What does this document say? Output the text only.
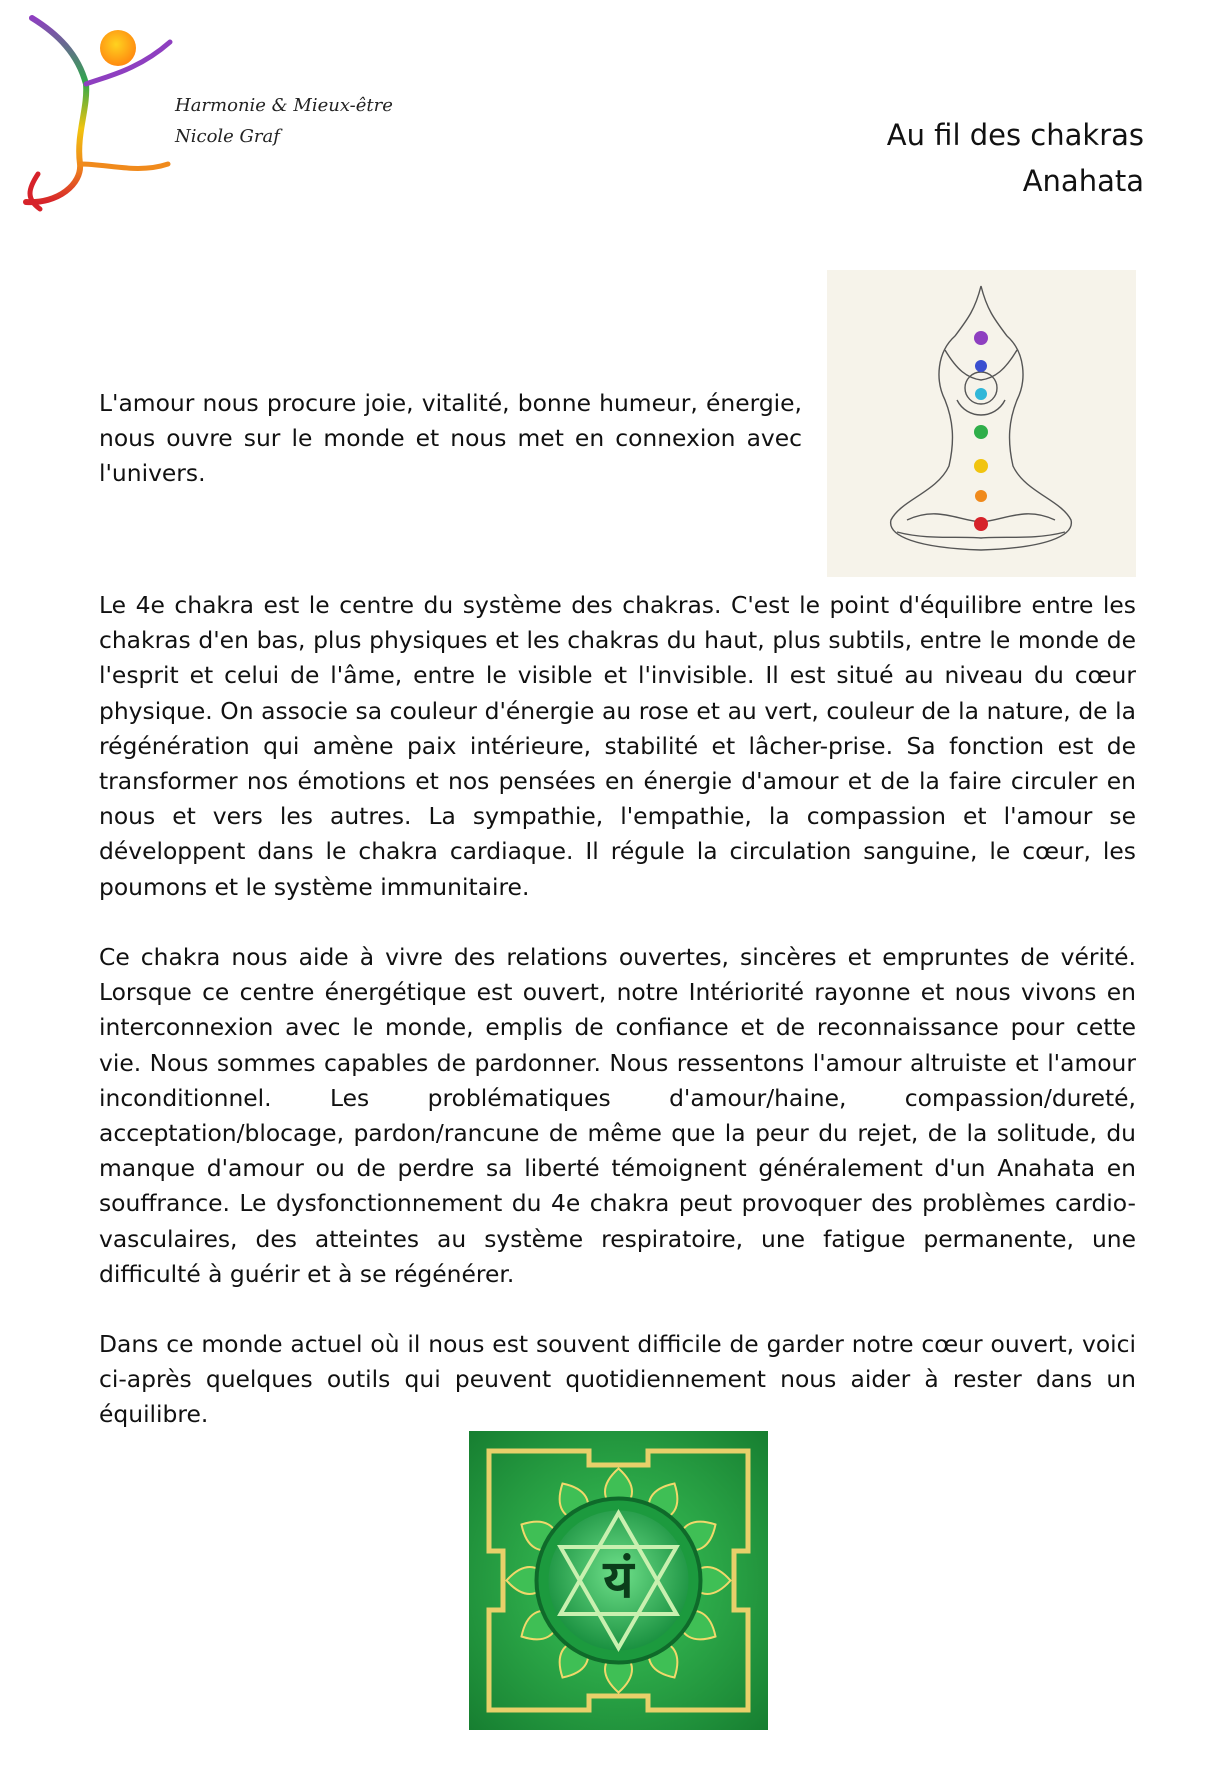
Harmonie & Mieux-être
Nicole Graf	Au fil des chakras
Anahata

L'amour nous procure joie, vitalité, bonne humeur, énergie, nous ouvre sur le monde et nous met en connexion avec l'univers.

Le 4e chakra est le centre du système des chakras. C'est le point d'équilibre entre les chakras d'en bas, plus physiques et les chakras du haut, plus subtils, entre le monde de l'esprit et celui de l'âme, entre le visible et l'invisible. Il est situé au niveau du cœur physique. On associe sa couleur d'énergie au rose et au vert, couleur de la nature, de la régénération qui amène paix intérieure, stabilité et lâcher-prise. Sa fonction est de transformer nos émotions et nos pensées en énergie d'amour et de la faire circuler en nous et vers les autres. La sympathie, l'empathie, la compassion et l'amour se développent dans le chakra cardiaque. Il régule la circulation sanguine, le cœur, les poumons et le système immunitaire.

Ce chakra nous aide à vivre des relations ouvertes, sincères et empruntes de vérité. Lorsque ce centre énergétique est ouvert, notre Intériorité rayonne et nous vivons en interconnexion avec le monde, emplis de confiance et de reconnaissance pour cette vie. Nous sommes capables de pardonner. Nous ressentons l'amour altruiste et l'amour inconditionnel. Les problématiques d'amour/haine, compassion/dureté, acceptation/blocage, pardon/rancune de même que la peur du rejet, de la solitude, du manque d'amour ou de perdre sa liberté témoignent généralement d'un Anahata en souffrance. Le dysfonctionnement du 4e chakra peut provoquer des problèmes cardio-vasculaires, des atteintes au système respiratoire, une fatigue permanente, une difficulté à guérir et à se régénérer.

Dans ce monde actuel où il nous est souvent difficile de garder notre cœur ouvert, voici ci-après quelques outils qui peuvent quotidiennement nous aider à rester dans un équilibre.

यं
